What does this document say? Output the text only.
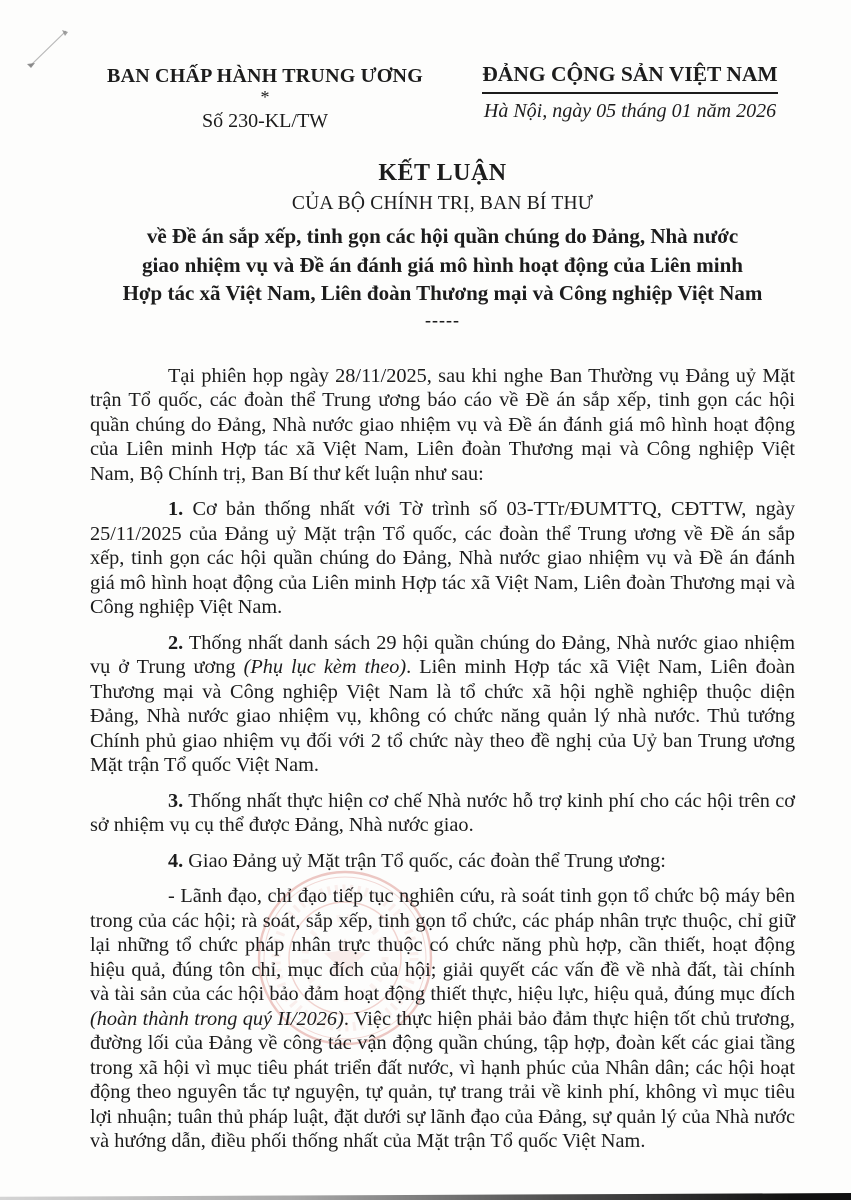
BAN CHẤP HÀNH TRUNG ƯƠNG
*
Số 230-KL/TW
ĐẢNG CỘNG SẢN VIỆT NAM
Hà Nội, ngày 05 tháng 01 năm 2026
KẾT LUẬN
CỦA BỘ CHÍNH TRỊ, BAN BÍ THƯ
về Đề án sắp xếp, tinh gọn các hội quần chúng do Đảng, Nhà nước
giao nhiệm vụ và Đề án đánh giá mô hình hoạt động của Liên minh
Hợp tác xã Việt Nam, Liên đoàn Thương mại và Công nghiệp Việt Nam
-----

Tại phiên họp ngày 28/11/2025, sau khi nghe Ban Thường vụ Đảng uỷ Mặt trận Tổ quốc, các đoàn thể Trung ương báo cáo về Đề án sắp xếp, tinh gọn các hội quần chúng do Đảng, Nhà nước giao nhiệm vụ và Đề án đánh giá mô hình hoạt động của Liên minh Hợp tác xã Việt Nam, Liên đoàn Thương mại và Công nghiệp Việt Nam, Bộ Chính trị, Ban Bí thư kết luận như sau:

1. Cơ bản thống nhất với Tờ trình số 03-TTr/ĐUMTTQ, CĐTTW, ngày 25/11/2025 của Đảng uỷ Mặt trận Tổ quốc, các đoàn thể Trung ương về Đề án sắp xếp, tinh gọn các hội quần chúng do Đảng, Nhà nước giao nhiệm vụ và Đề án đánh giá mô hình hoạt động của Liên minh Hợp tác xã Việt Nam, Liên đoàn Thương mại và Công nghiệp Việt Nam.

2. Thống nhất danh sách 29 hội quần chúng do Đảng, Nhà nước giao nhiệm vụ ở Trung ương (Phụ lục kèm theo). Liên minh Hợp tác xã Việt Nam, Liên đoàn Thương mại và Công nghiệp Việt Nam là tổ chức xã hội nghề nghiệp thuộc diện Đảng, Nhà nước giao nhiệm vụ, không có chức năng quản lý nhà nước. Thủ tướng Chính phủ giao nhiệm vụ đối với 2 tổ chức này theo đề nghị của Uỷ ban Trung ương Mặt trận Tổ quốc Việt Nam.

3. Thống nhất thực hiện cơ chế Nhà nước hỗ trợ kinh phí cho các hội trên cơ sở nhiệm vụ cụ thể được Đảng, Nhà nước giao.

4. Giao Đảng uỷ Mặt trận Tổ quốc, các đoàn thể Trung ương:

- Lãnh đạo, chỉ đạo tiếp tục nghiên cứu, rà soát tinh gọn tổ chức bộ máy bên trong của các hội; rà soát, sắp xếp, tinh gọn tổ chức, các pháp nhân trực thuộc, chỉ giữ lại những tổ chức pháp nhân trực thuộc có chức năng phù hợp, cần thiết, hoạt động hiệu quả, đúng tôn chỉ, mục đích của hội; giải quyết các vấn đề về nhà đất, tài chính và tài sản của các hội bảo đảm hoạt động thiết thực, hiệu lực, hiệu quả, đúng mục đích (hoàn thành trong quý II/2026). Việc thực hiện phải bảo đảm thực hiện tốt chủ trương, đường lối của Đảng về công tác vận động quần chúng, tập hợp, đoàn kết các giai tầng trong xã hội vì mục tiêu phát triển đất nước, vì hạnh phúc của Nhân dân; các hội hoạt động theo nguyên tắc tự nguyện, tự quản, tự trang trải về kinh phí, không vì mục tiêu lợi nhuận; tuân thủ pháp luật, đặt dưới sự lãnh đạo của Đảng, sự quản lý của Nhà nước và hướng dẫn, điều phối thống nhất của Mặt trận Tổ quốc Việt Nam.
